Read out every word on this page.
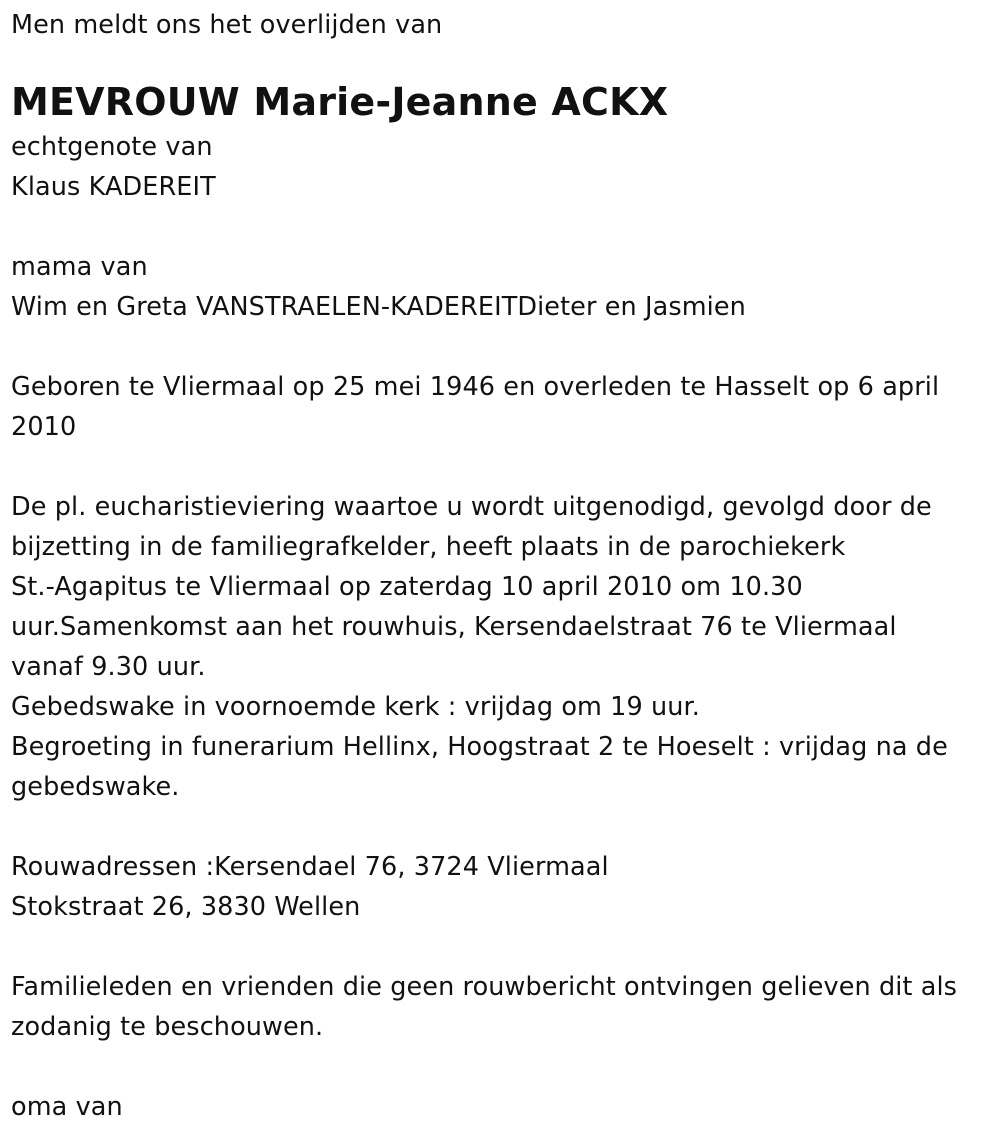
Men meldt ons het overlijden van
MEVROUW Marie-Jeanne ACKX
echtgenote van
Klaus KADEREIT
mama van
Wim en Greta VANSTRAELEN-KADEREITDieter en Jasmien
Geboren te Vliermaal op 25 mei 1946 en overleden te Hasselt op 6 april
2010
De pl. eucharistieviering waartoe u wordt uitgenodigd, gevolgd door de
bijzetting in de familiegrafkelder, heeft plaats in de parochiekerk
St.-Agapitus te Vliermaal op zaterdag 10 april 2010 om 10.30
uur.Samenkomst aan het rouwhuis, Kersendaelstraat 76 te Vliermaal
vanaf 9.30 uur.
Gebedswake in voornoemde kerk : vrijdag om 19 uur.
Begroeting in funerarium Hellinx, Hoogstraat 2 te Hoeselt : vrijdag na de
gebedswake.
Rouwadressen :Kersendael 76, 3724 Vliermaal
Stokstraat 26, 3830 Wellen
Familieleden en vrienden die geen rouwbericht ontvingen gelieven dit als
zodanig te beschouwen.
oma van
